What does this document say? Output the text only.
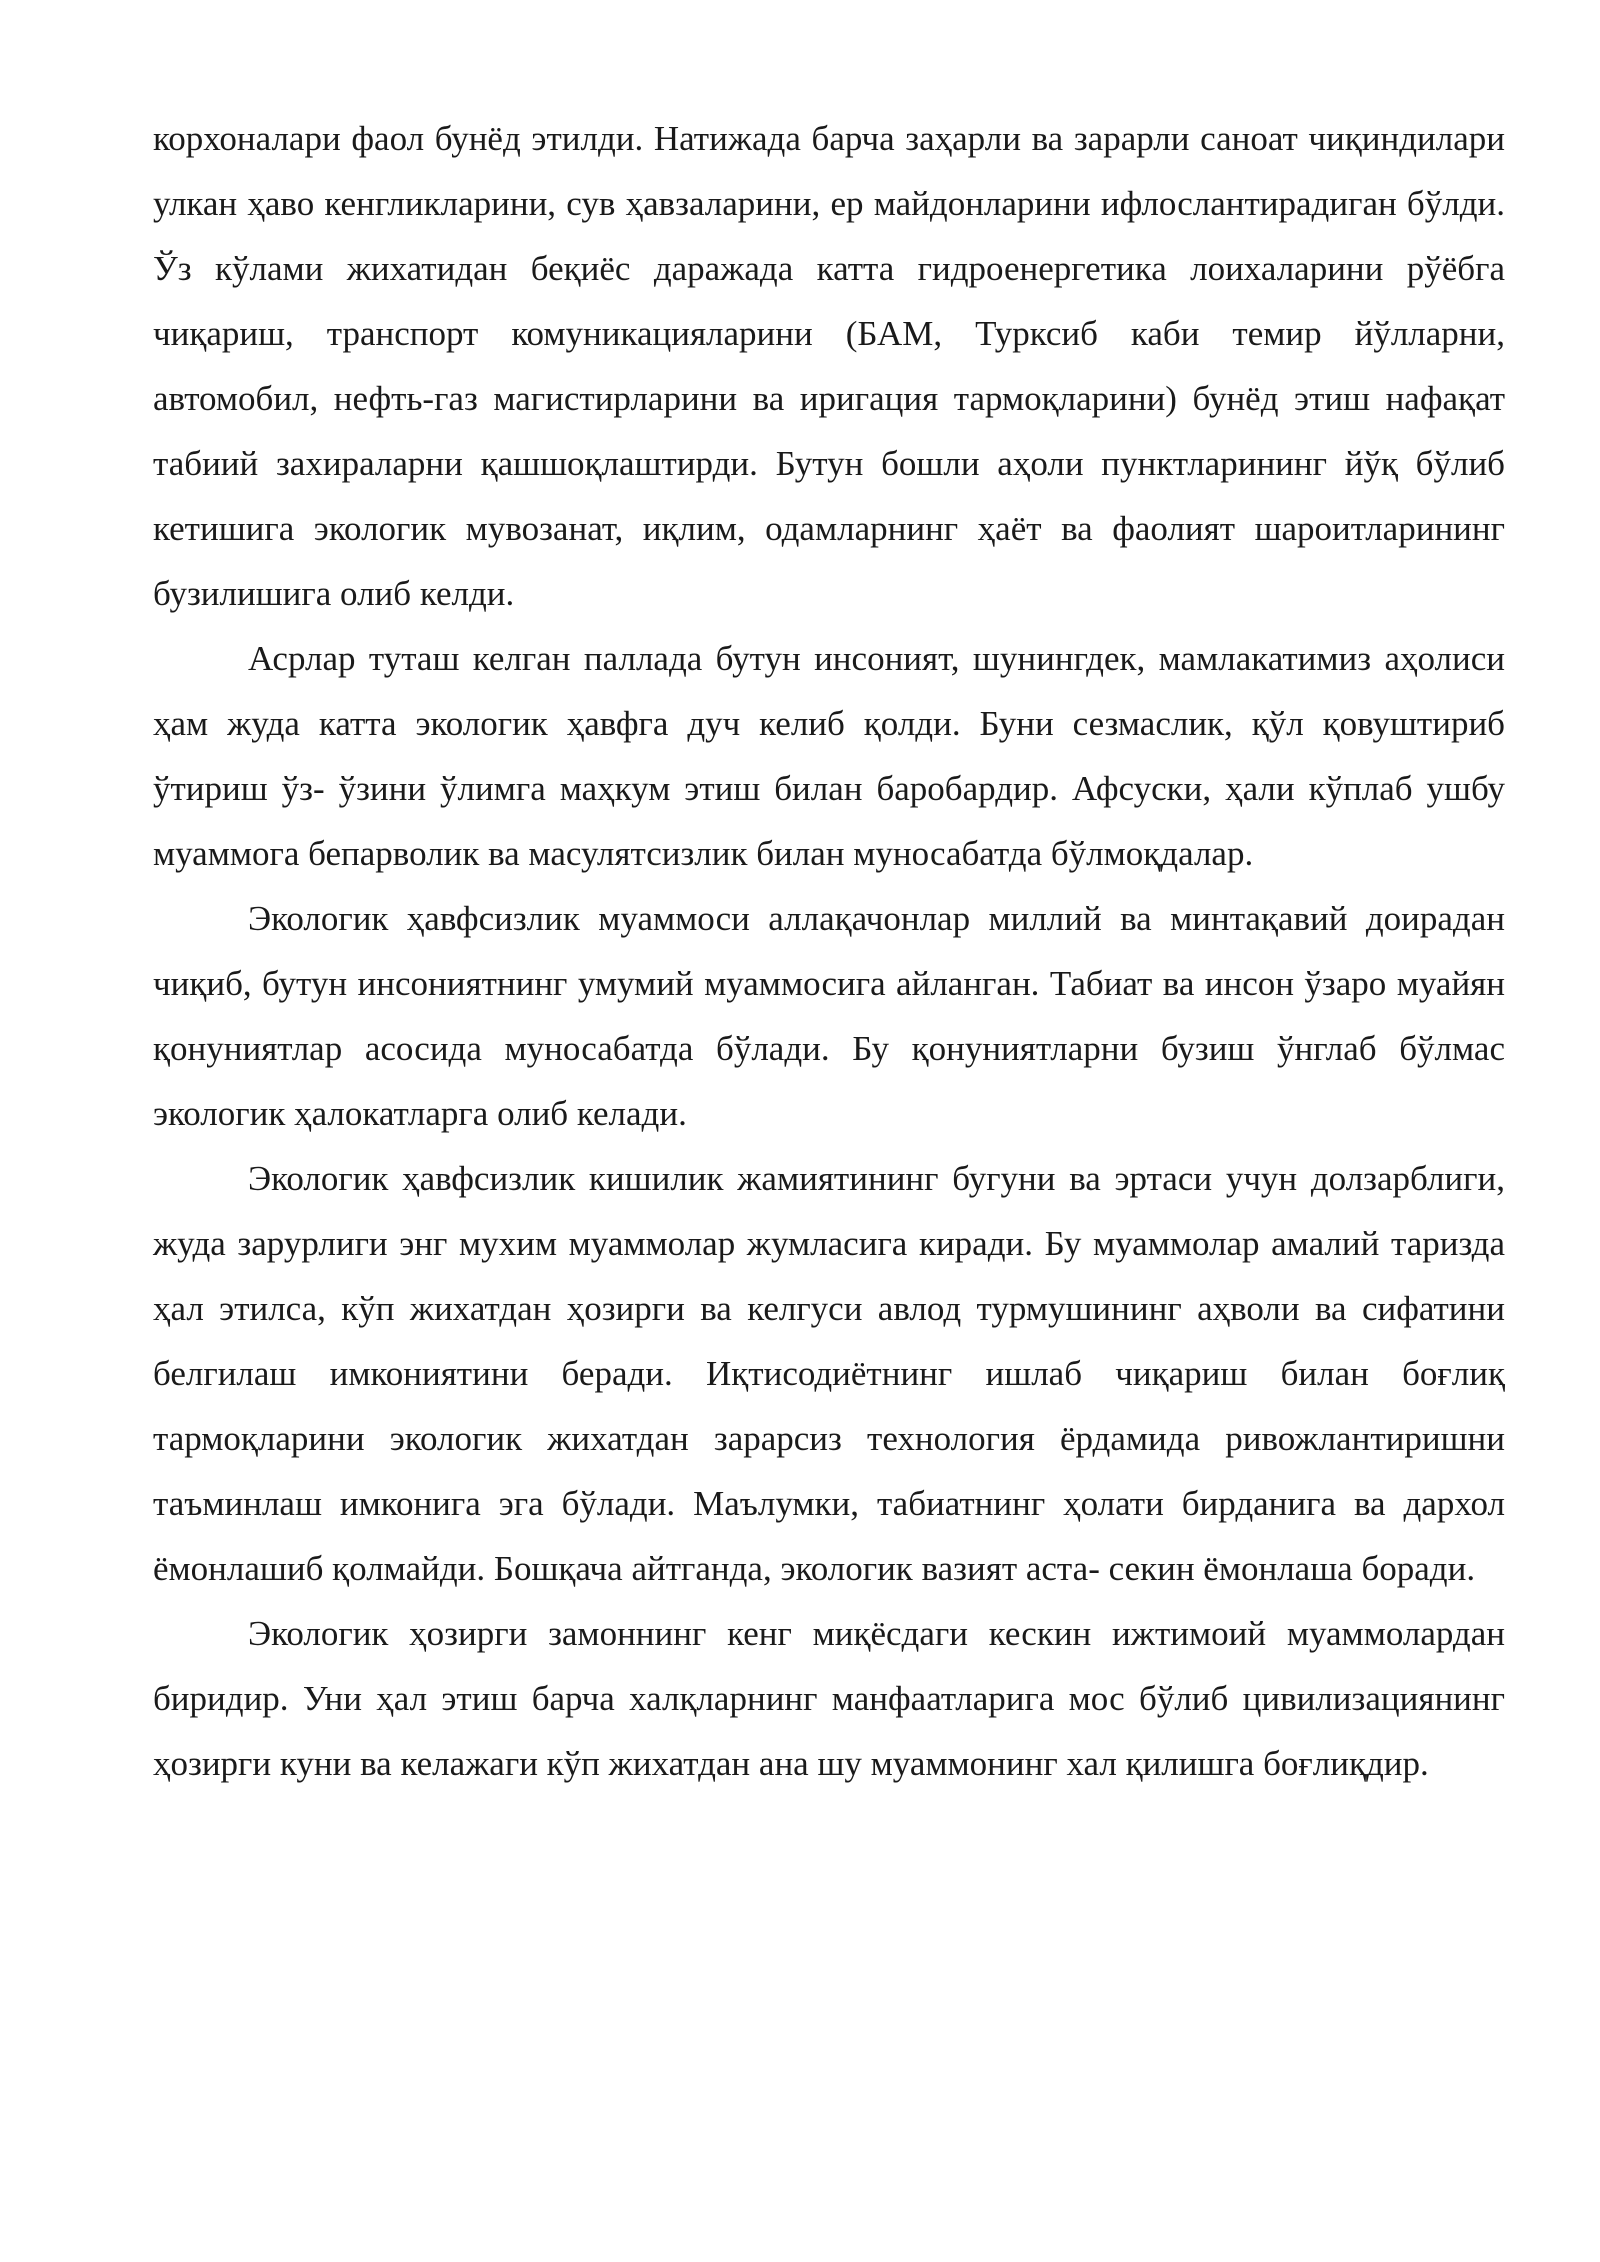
корхоналари фаол бунёд этилди. Натижада барча заҳарли ва зарарли саноат чиқиндилари улкан ҳаво кенгликларини, сув ҳавзаларини, ер майдонларини ифлослантирадиган бўлди. Ўз кўлами жихатидан беқиёс даражада катта гидроенергетика лоихаларини рўёбга чиқариш, транспорт комуникацияларини (БАМ, Турксиб каби темир йўлларни, автомобил, нефть-газ магистирларини ва иригация тармоқларини) бунёд этиш нафақат табиий захираларни қашшоқлаштирди. Бутун бошли аҳоли пунктларининг йўқ бўлиб кетишига экологик мувозанат, иқлим, одамларнинг ҳаёт ва фаолият шароитларининг бузилишига олиб келди.

Асрлар туташ келган паллада бутун инсоният, шунингдек, мамлакатимиз аҳолиси ҳам жуда катта экологик ҳавфга дуч келиб қолди. Буни сезмаслик, қўл қовуштириб ўтириш ўз- ўзини ўлимга маҳкум этиш билан баробардир. Афсуски, ҳали кўплаб ушбу муаммога бепарволик ва масулятсизлик билан муносабатда бўлмоқдалар.

Экологик ҳавфсизлик муаммоси аллақачонлар миллий ва минтақавий доирадан чиқиб, бутун инсониятнинг умумий муаммосига айланган. Табиат ва инсон ўзаро муайян қонуниятлар асосида муносабатда бўлади. Бу қонуниятларни бузиш ўнглаб бўлмас экологик ҳалокатларга олиб келади.

Экологик ҳавфсизлик кишилик жамиятининг бугуни ва эртаси учун долзарблиги, жуда зарурлиги энг мухим муаммолар жумласига киради. Бу муаммолар амалий таризда ҳал этилса, кўп жихатдан ҳозирги ва келгуси авлод турмушининг аҳволи ва сифатини белгилаш имкониятини беради. Иқтисодиётнинг ишлаб чиқариш билан боғлиқ тармоқларини экологик жихатдан зарарсиз технология ёрдамида ривожлантиришни таъминлаш имконига эга бўлади. Маълумки, табиатнинг ҳолати бирданига ва дархол ёмонлашиб қолмайди. Бошқача айтганда, экологик вазият аста- секин ёмонлаша боради.

Экологик ҳозирги замоннинг кенг миқёсдаги кескин ижтимоий муаммолардан биридир. Уни ҳал этиш барча халқларнинг манфаатларига мос бўлиб цивилизациянинг ҳозирги куни ва келажаги кўп жихатдан ана шу муаммонинг хал қилишга боғлиқдир.
